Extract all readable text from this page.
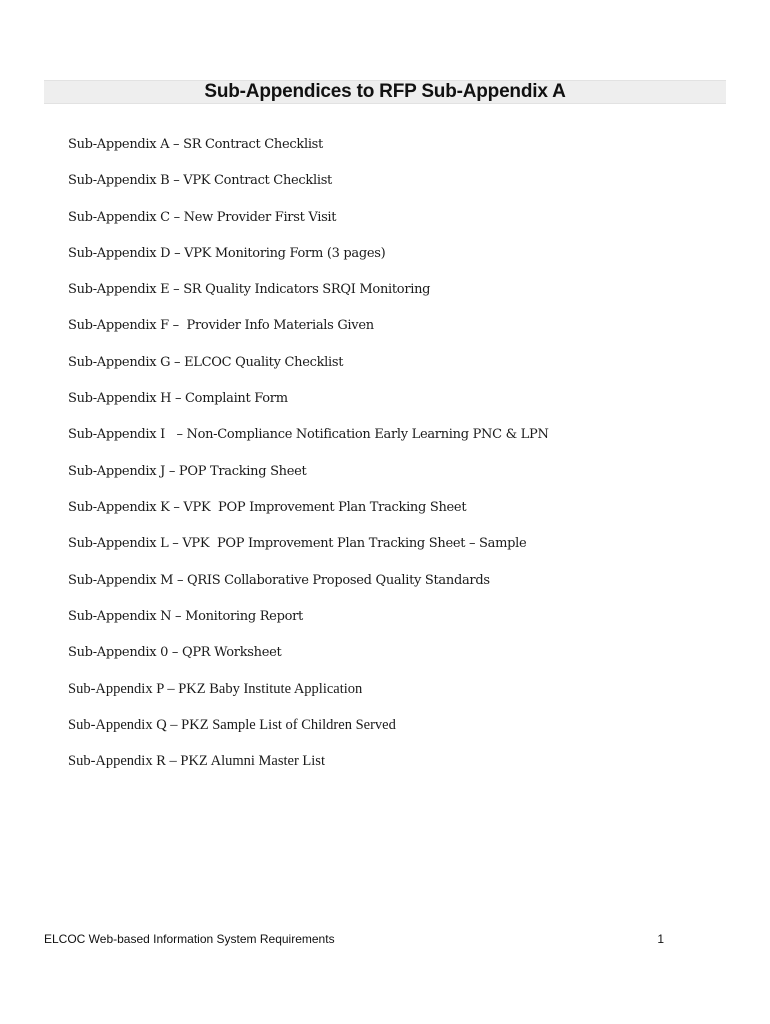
Sub-Appendices to RFP Sub-Appendix A
Sub-Appendix A – SR Contract Checklist
Sub-Appendix B – VPK Contract Checklist
Sub-Appendix C – New Provider First Visit
Sub-Appendix D – VPK Monitoring Form (3 pages)
Sub-Appendix E – SR Quality Indicators SRQI Monitoring
Sub-Appendix F –  Provider Info Materials Given
Sub-Appendix G – ELCOC Quality Checklist
Sub-Appendix H – Complaint Form
Sub-Appendix I   – Non-Compliance Notification Early Learning PNC & LPN
Sub-Appendix J – POP Tracking Sheet
Sub-Appendix K – VPK  POP Improvement Plan Tracking Sheet
Sub-Appendix L – VPK  POP Improvement Plan Tracking Sheet – Sample
Sub-Appendix M – QRIS Collaborative Proposed Quality Standards
Sub-Appendix N – Monitoring Report
Sub-Appendix 0 – QPR Worksheet
Sub-Appendix P – PKZ Baby Institute Application
Sub-Appendix Q – PKZ Sample List of Children Served
Sub-Appendix R – PKZ Alumni Master List
ELCOC Web-based Information System Requirements	1
